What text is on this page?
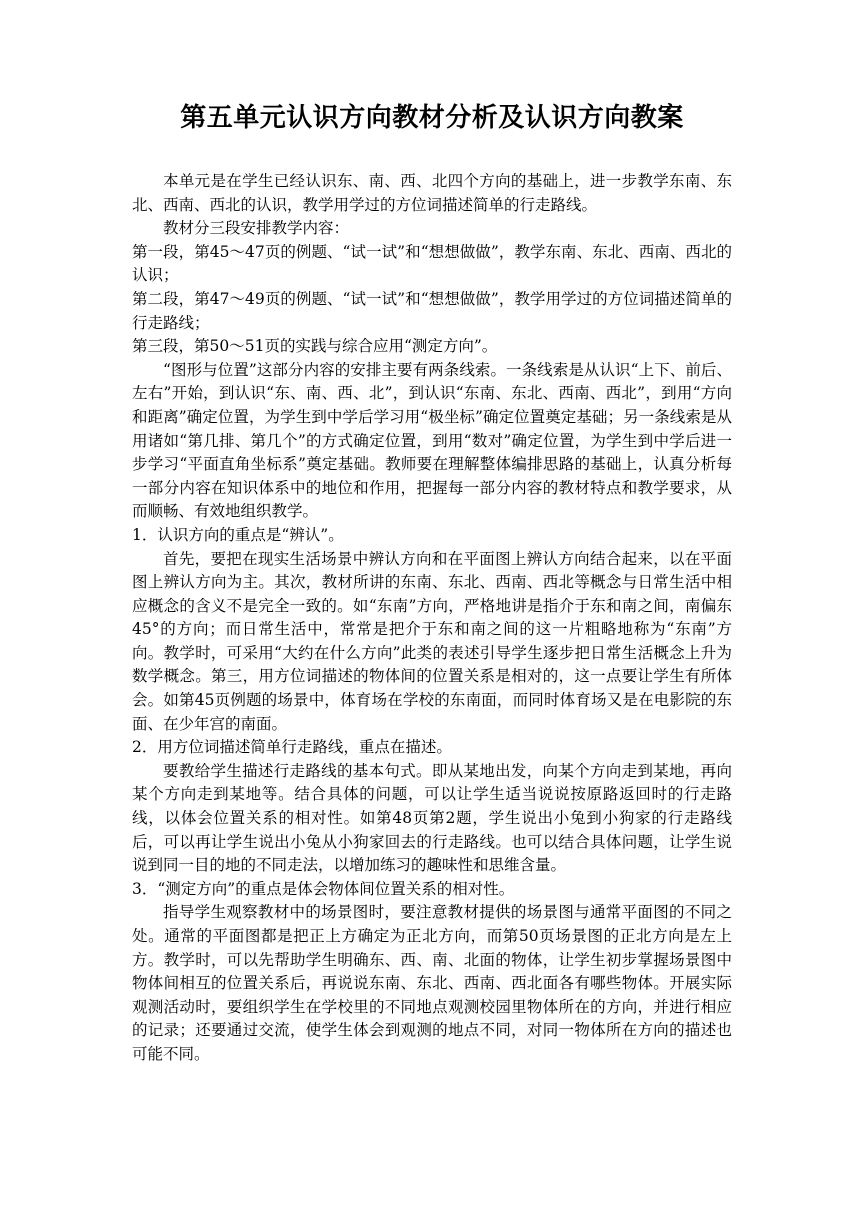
第五单元认识方向教材分析及认识方向教案

本单元是在学生已经认识东、南、西、北四个方向的基础上，进一步教学东南、东北、西南、西北的认识，教学用学过的方位词描述简单的行走路线。

教材分三段安排教学内容：

第一段，第45～47页的例题、“试一试”和“想想做做”，教学东南、东北、西南、西北的认识；

第二段，第47～49页的例题、“试一试”和“想想做做”，教学用学过的方位词描述简单的行走路线；

第三段，第50～51页的实践与综合应用“测定方向”。

“图形与位置”这部分内容的安排主要有两条线索。一条线索是从认识“上下、前后、左右”开始，到认识“东、南、西、北”，到认识“东南、东北、西南、西北”，到用“方向和距离”确定位置，为学生到中学后学习用“极坐标”确定位置奠定基础；另一条线索是从用诸如“第几排、第几个”的方式确定位置，到用“数对”确定位置，为学生到中学后进一步学习“平面直角坐标系”奠定基础。教师要在理解整体编排思路的基础上，认真分析每一部分内容在知识体系中的地位和作用，把握每一部分内容的教材特点和教学要求，从而顺畅、有效地组织教学。

1．认识方向的重点是“辨认”。

首先，要把在现实生活场景中辨认方向和在平面图上辨认方向结合起来，以在平面图上辨认方向为主。其次，教材所讲的东南、东北、西南、西北等概念与日常生活中相应概念的含义不是完全一致的。如“东南”方向，严格地讲是指介于东和南之间，南偏东45°的方向；而日常生活中，常常是把介于东和南之间的这一片粗略地称为“东南”方向。教学时，可采用“大约在什么方向”此类的表述引导学生逐步把日常生活概念上升为数学概念。第三，用方位词描述的物体间的位置关系是相对的，这一点要让学生有所体会。如第45页例题的场景中，体育场在学校的东南面，而同时体育场又是在电影院的东面、在少年宫的南面。

2．用方位词描述简单行走路线，重点在描述。

要教给学生描述行走路线的基本句式。即从某地出发，向某个方向走到某地，再向某个方向走到某地等。结合具体的问题，可以让学生适当说说按原路返回时的行走路线，以体会位置关系的相对性。如第48页第2题，学生说出小兔到小狗家的行走路线后，可以再让学生说出小兔从小狗家回去的行走路线。也可以结合具体问题，让学生说说到同一目的地的不同走法，以增加练习的趣味性和思维含量。

3．“测定方向”的重点是体会物体间位置关系的相对性。

指导学生观察教材中的场景图时，要注意教材提供的场景图与通常平面图的不同之处。通常的平面图都是把正上方确定为正北方向，而第50页场景图的正北方向是左上方。教学时，可以先帮助学生明确东、西、南、北面的物体，让学生初步掌握场景图中物体间相互的位置关系后，再说说东南、东北、西南、西北面各有哪些物体。开展实际观测活动时，要组织学生在学校里的不同地点观测校园里物体所在的方向，并进行相应的记录；还要通过交流，使学生体会到观测的地点不同，对同一物体所在方向的描述也可能不同。
